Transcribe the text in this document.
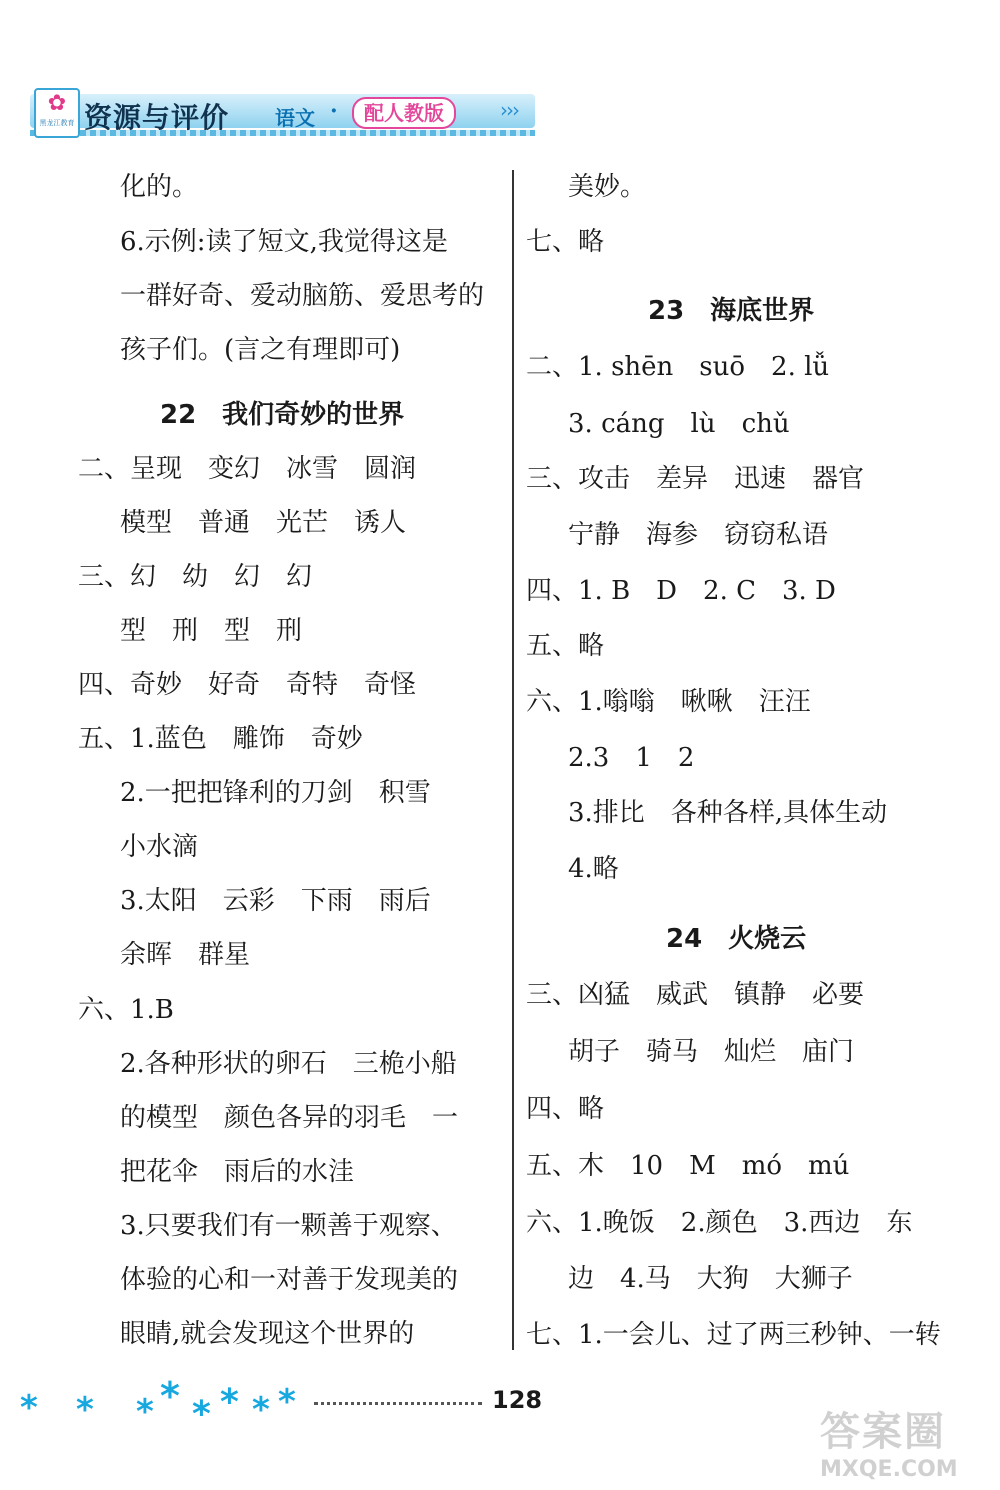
✿
黑龙江教育 资源与评价 语文 ·	配人教版	›››
化的。
6.示例:读了短文,我觉得这是
一群好奇、爱动脑筋、爱思考的
孩子们。(言之有理即可)
22　我们奇妙的世界
二、呈现　变幻　冰雪　圆润
模型　普通　光芒　诱人
三、幻　幼　幻　幻
型　刑　型　刑
四、奇妙　好奇　奇特　奇怪
五、1.蓝色　雕饰　奇妙
2.一把把锋利的刀剑　积雪
小水滴
3.太阳　云彩　下雨　雨后
余晖　群星
六、1.B
2.各种形状的卵石　三桅小船
的模型　颜色各异的羽毛　一
把花伞　雨后的水洼
3.只要我们有一颗善于观察、
体验的心和一对善于发现美的
眼睛,就会发现这个世界的
美妙。
七、略
23　海底世界
二、1. shēn　suō　2. lǚ
3. cáng　lù　chǔ
三、攻击　差异　迅速　器官
宁静　海参　窃窃私语
四、1. B　D　2. C　3. D
五、略
六、1.嗡嗡　啾啾　汪汪
2.3　1　2
3.排比　各种各样,具体生动
4.略
24　火烧云
三、凶猛　威武　镇静　必要
胡子　骑马　灿烂　庙门
四、略
五、木　10　M　mó　mú
六、1.晚饭　2.颜色　3.西边　东
边　4.马　大狗　大狮子
七、1.一会儿、过了两三秒钟、一转
* * * * * * * *	128
答案圈
MXQE.COM
